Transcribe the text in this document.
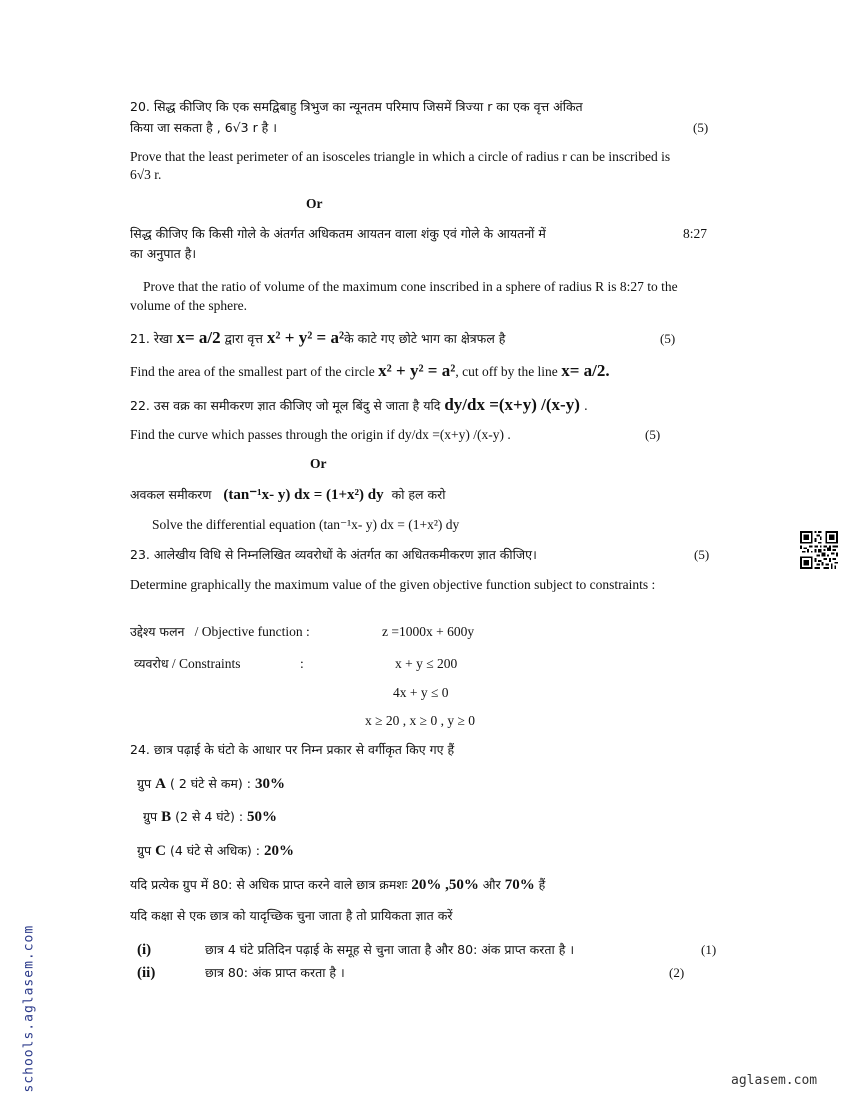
20. सिद्ध कीजिए कि एक समद्विबाहु त्रिभुज का न्यूनतम परिमाप जिसमें त्रिज्या r का एक वृत्त अंकित
किया जा सकता है , 6√3 r है ।	(5)
Prove that the least perimeter of an isosceles triangle in which a circle of radius r can be inscribed is
6√3 r.
Or
सिद्ध कीजिए कि किसी गोले के अंतर्गत अधिकतम आयतन वाला शंकु एवं गोले के आयतनों में	8:27
का अनुपात है।
Prove that the ratio of volume of the maximum cone inscribed in a sphere of radius R is 8:27 to the
volume of the sphere.
21. रेखा x= a/2 द्वारा वृत्त x² + y² = a²के काटे गए छोटे भाग का क्षेत्रफल है	(5)
Find the area of the smallest part of the circle x² + y² = a², cut off by the line x= a/2.
22. उस वक्र का समीकरण ज्ञात कीजिए जो मूल बिंदु से जाता है यदि dy/dx =(x+y) /(x-y) .
Find the curve which passes through the origin if dy/dx =(x+y) /(x-y) .	(5)
Or
अवकल समीकरण (tan⁻¹x- y) dx = (1+x²) dy को हल करो
Solve the differential equation (tan⁻¹x- y) dx = (1+x²) dy
23. आलेखीय विधि से निम्नलिखित व्यवरोधों के अंतर्गत का अधितकमीकरण ज्ञात कीजिए।	(5)
Determine graphically the maximum value of the given objective function subject to constraints :
उद्देश्य फलन / Objective function :	z =1000x + 600y
व्यवरोध / Constraints	:	x + y ≤ 200
4x + y ≤ 0
x ≥ 20 , x ≥ 0 , y ≥ 0
24. छात्र पढ़ाई के घंटो के आधार पर निम्न प्रकार से वर्गीकृत किए गए हैं
ग्रुप A ( 2 घंटे से कम) : 30%
ग्रुप B (2 से 4 घंटे) : 50%
ग्रुप C (4 घंटे से अधिक) : 20%
यदि प्रत्येक ग्रुप में 80: से अधिक प्राप्त करने वाले छात्र क्रमशः 20% ,50% और 70% हैं
यदि कक्षा से एक छात्र को यादृच्छिक चुना जाता है तो प्रायिकता ज्ञात करें
(i)	छात्र 4 घंटे प्रतिदिन पढ़ाई के समूह से चुना जाता है और 80: अंक प्राप्त करता है ।	(1)
(ii)	छात्र 80: अंक प्राप्त करता है ।	(2)
schools.aglasem.com	aglasem.com
